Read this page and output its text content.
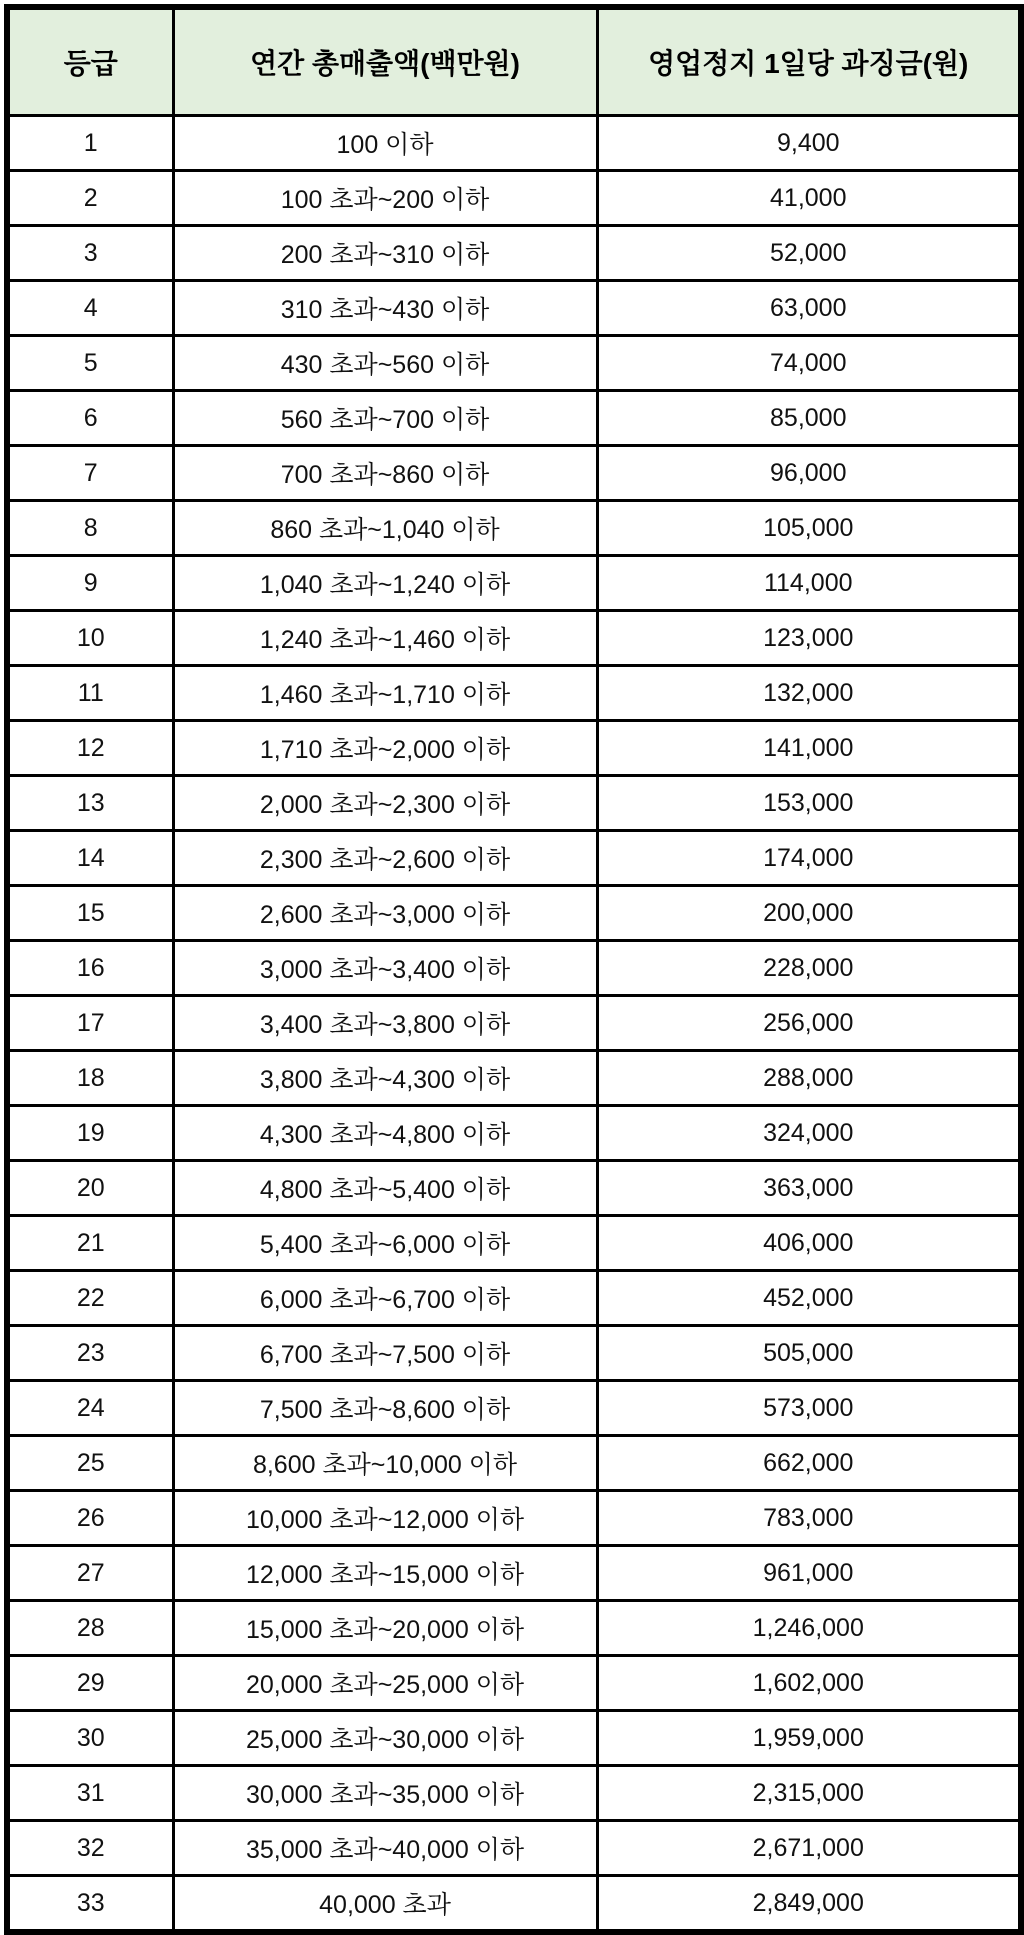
등급	연간 총매출액(백만원)	영업정지 1일당 과징금(원)
1	100 이하	9,400
2	100 초과~200 이하	41,000
3	200 초과~310 이하	52,000
4	310 초과~430 이하	63,000
5	430 초과~560 이하	74,000
6	560 초과~700 이하	85,000
7	700 초과~860 이하	96,000
8	860 초과~1,040 이하	105,000
9	1,040 초과~1,240 이하	114,000
10	1,240 초과~1,460 이하	123,000
11	1,460 초과~1,710 이하	132,000
12	1,710 초과~2,000 이하	141,000
13	2,000 초과~2,300 이하	153,000
14	2,300 초과~2,600 이하	174,000
15	2,600 초과~3,000 이하	200,000
16	3,000 초과~3,400 이하	228,000
17	3,400 초과~3,800 이하	256,000
18	3,800 초과~4,300 이하	288,000
19	4,300 초과~4,800 이하	324,000
20	4,800 초과~5,400 이하	363,000
21	5,400 초과~6,000 이하	406,000
22	6,000 초과~6,700 이하	452,000
23	6,700 초과~7,500 이하	505,000
24	7,500 초과~8,600 이하	573,000
25	8,600 초과~10,000 이하	662,000
26	10,000 초과~12,000 이하	783,000
27	12,000 초과~15,000 이하	961,000
28	15,000 초과~20,000 이하	1,246,000
29	20,000 초과~25,000 이하	1,602,000
30	25,000 초과~30,000 이하	1,959,000
31	30,000 초과~35,000 이하	2,315,000
32	35,000 초과~40,000 이하	2,671,000
33	40,000 초과	2,849,000
